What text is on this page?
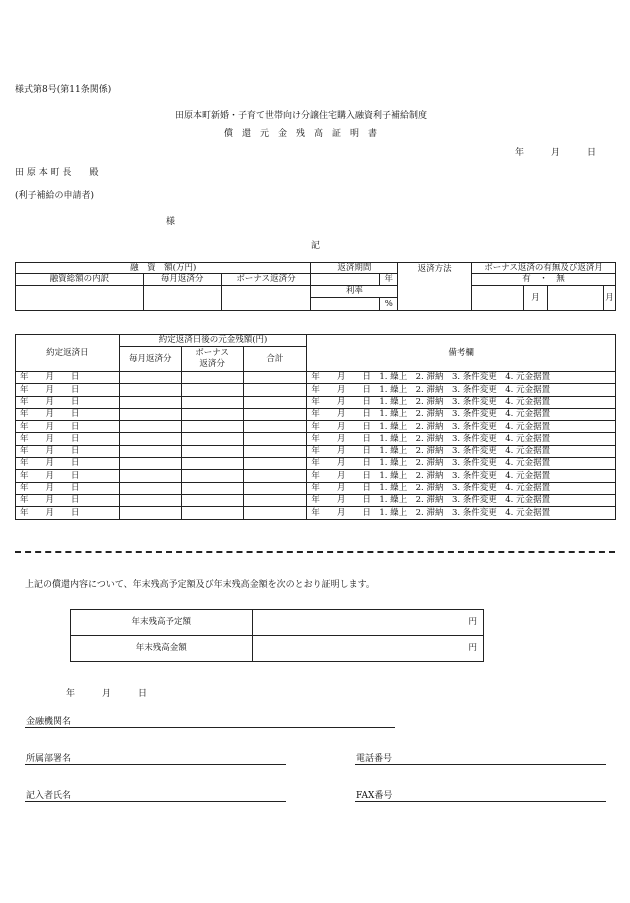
様式第8号(第11条関係)
田原本町新婚・子育て世帯向け分譲住宅購入融資利子補給制度
償　還　元　金　残　高　証　明　書
年　　　月　　　日
田 原 本 町 長　　殿
(利子補給の申請者)
様
記
融　資　額(万円)			返済期間		返済方法	ボーナス返済の有無及び返済月			
融資総額の内訳	毎月返済分	ボーナス返済分		年		有　・　無			
			利率				月		月
				%					
約定返済日	約定返済日後の元金残額(円)			備考欄
	毎月返済分	ボーナス
返済分	合計	
年　　月　　日				年　　月　　日　1. 繰上　2. 滞納　3. 条件変更　4. 元金据置
年　　月　　日				年　　月　　日　1. 繰上　2. 滞納　3. 条件変更　4. 元金据置
年　　月　　日				年　　月　　日　1. 繰上　2. 滞納　3. 条件変更　4. 元金据置
年　　月　　日				年　　月　　日　1. 繰上　2. 滞納　3. 条件変更　4. 元金据置
年　　月　　日				年　　月　　日　1. 繰上　2. 滞納　3. 条件変更　4. 元金据置
年　　月　　日				年　　月　　日　1. 繰上　2. 滞納　3. 条件変更　4. 元金据置
年　　月　　日				年　　月　　日　1. 繰上　2. 滞納　3. 条件変更　4. 元金据置
年　　月　　日				年　　月　　日　1. 繰上　2. 滞納　3. 条件変更　4. 元金据置
年　　月　　日				年　　月　　日　1. 繰上　2. 滞納　3. 条件変更　4. 元金据置
年　　月　　日				年　　月　　日　1. 繰上　2. 滞納　3. 条件変更　4. 元金据置
年　　月　　日				年　　月　　日　1. 繰上　2. 滞納　3. 条件変更　4. 元金据置
年　　月　　日				年　　月　　日　1. 繰上　2. 滞納　3. 条件変更　4. 元金据置
上記の償還内容について、年末残高予定額及び年末残高金額を次のとおり証明します。
年末残高予定額	円
年末残高金額	円
年　　　月　　　日
金融機関名
所属部署名	電話番号
記入者氏名	FAX番号
